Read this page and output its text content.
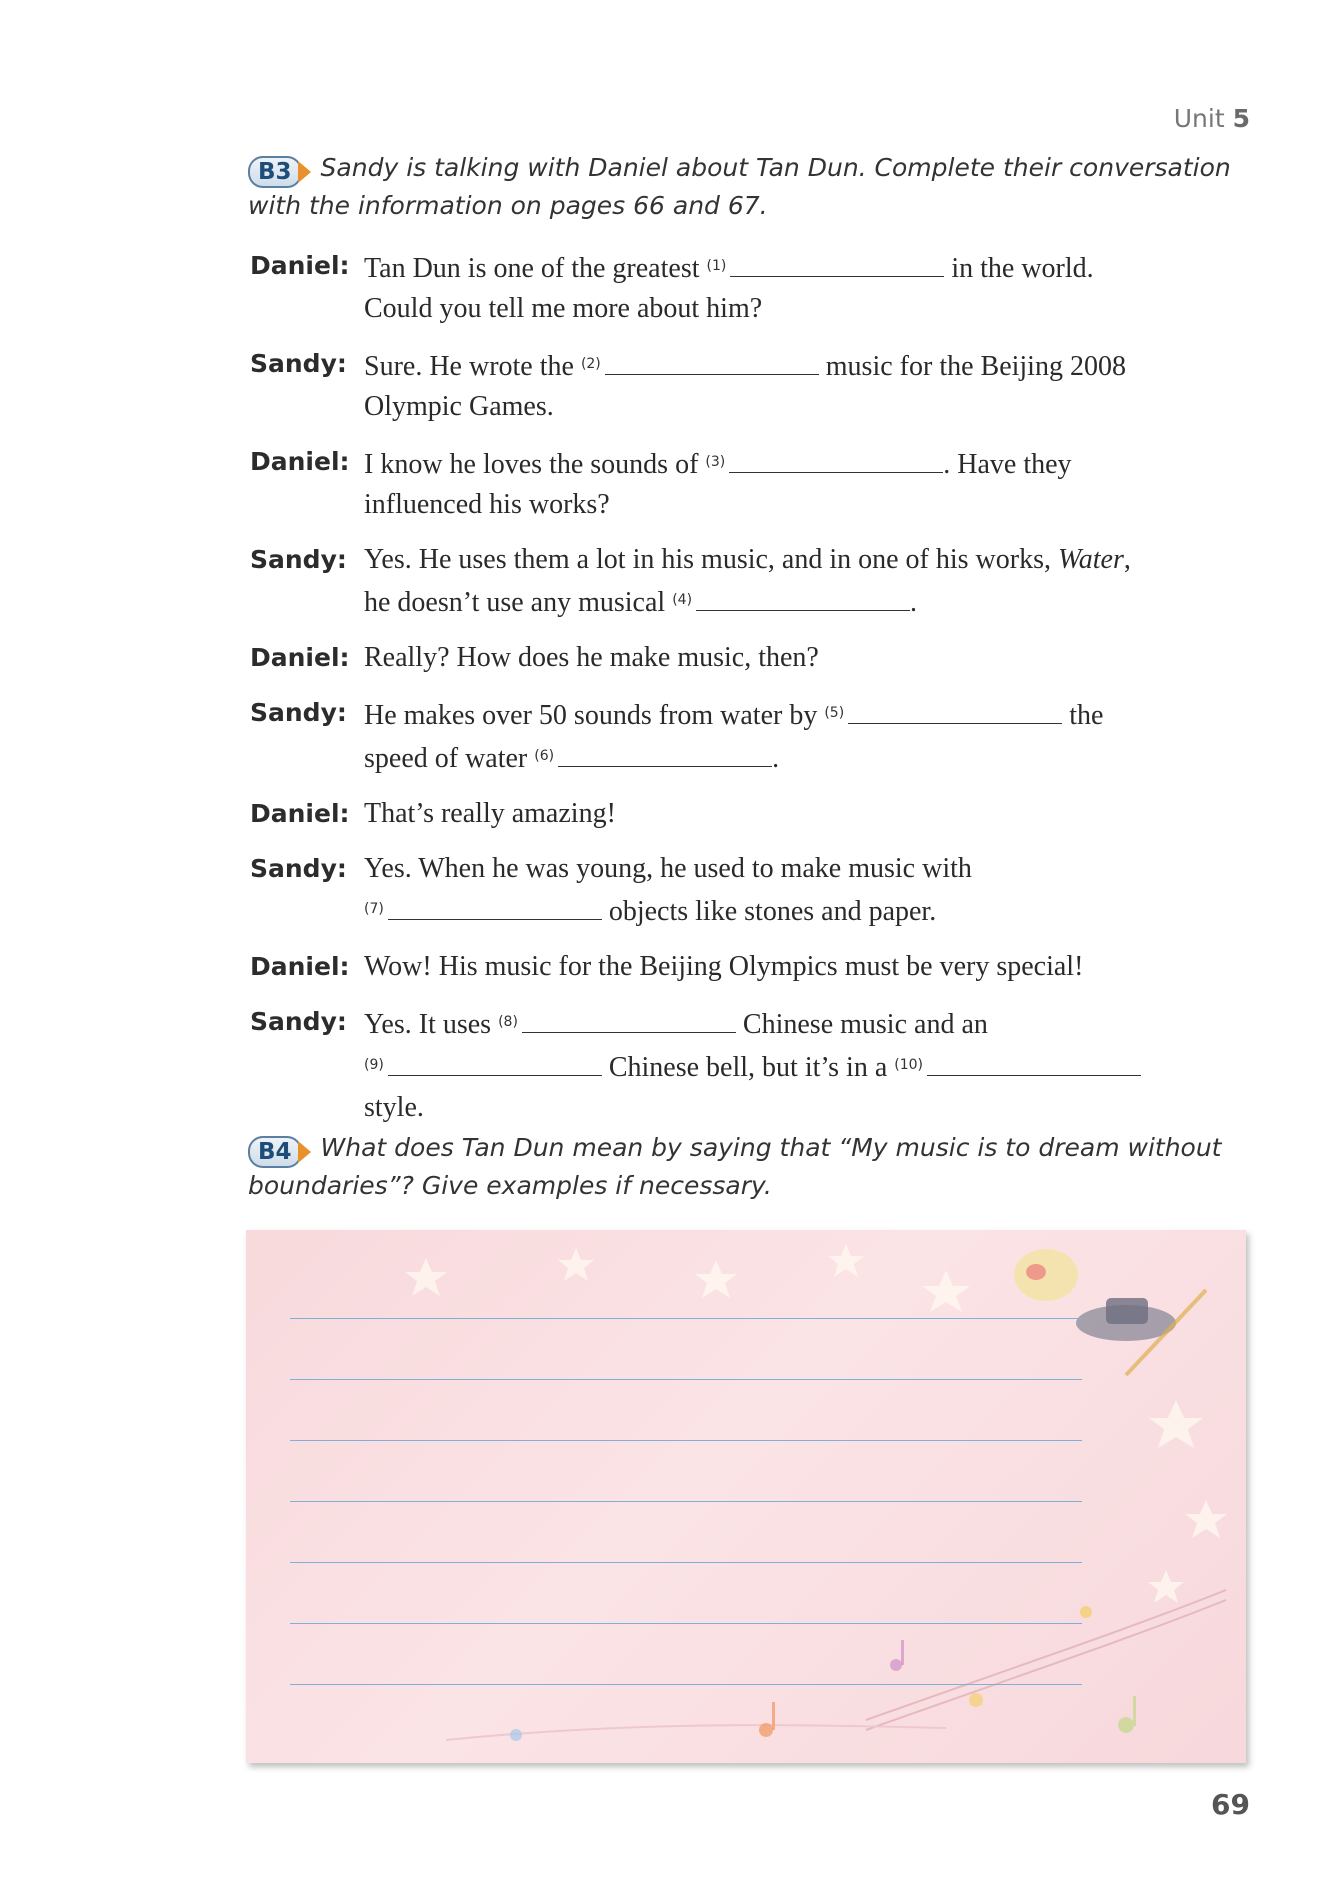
Unit 5
B3	Sandy is talking with Daniel about Tan Dun. Complete their conversation with the information on pages 66 and 67.
Daniel: Tan Dun is one of the greatest $^{(1)}$	in the world.
Could you tell me more about him?
Sandy: Sure. He wrote the $^{(2)}$	music for the Beijing 2008
Olympic Games.
Daniel: I know he loves the sounds of $^{(3)}$	. Have they
influenced his works?
Sandy: Yes. He uses them a lot in his music, and in one of his works, Water,
he doesn’t use any musical $^{(4)}$	.
Daniel: Really? How does he make music, then?
Sandy: He makes over 50 sounds from water by $^{(5)}$	the
speed of water $^{(6)}$	.
Daniel: That’s really amazing!
Sandy: Yes. When he was young, he used to make music with
$^{(7)}$	objects like stones and paper.
Daniel: Wow! His music for the Beijing Olympics must be very special!
Sandy: Yes. It uses $^{(8)}$	Chinese music and an
$^{(9)}$	Chinese bell, but it’s in a $^{(10)}$
style.
B4	What does Tan Dun mean by saying that “My music is to dream without boundaries”? Give examples if necessary.
69
